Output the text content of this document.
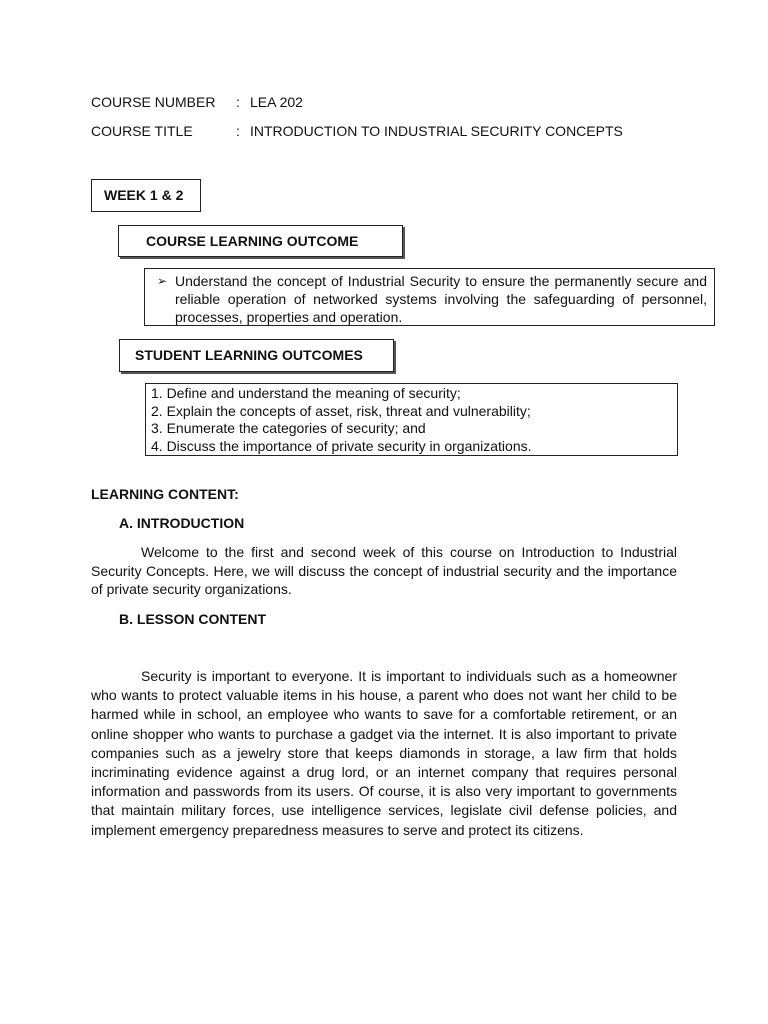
COURSE NUMBER	: LEA 202
COURSE TITLE	: INTRODUCTION TO INDUSTRIAL SECURITY CONCEPTS
WEEK 1 & 2
COURSE LEARNING OUTCOME
➢ Understand the concept of Industrial Security to ensure the permanently secure and reliable operation of networked systems involving the safeguarding of personnel, processes, properties and operation.
STUDENT LEARNING OUTCOMES
1. Define and understand the meaning of security;
2. Explain the concepts of asset, risk, threat and vulnerability;
3. Enumerate the categories of security; and
4. Discuss the importance of private security in organizations.
LEARNING CONTENT:
A. INTRODUCTION
Welcome to the first and second week of this course on Introduction to Industrial Security Concepts. Here, we will discuss the concept of industrial security and the importance of private security organizations.
B. LESSON CONTENT
Security is important to everyone. It is important to individuals such as a homeowner who wants to protect valuable items in his house, a parent who does not want her child to be harmed while in school, an employee who wants to save for a comfortable retirement, or an online shopper who wants to purchase a gadget via the internet. It is also important to private companies such as a jewelry store that keeps diamonds in storage, a law firm that holds incriminating evidence against a drug lord, or an internet company that requires personal information and passwords from its users. Of course, it is also very important to governments that maintain military forces, use intelligence services, legislate civil defense policies, and implement emergency preparedness measures to serve and protect its citizens.
